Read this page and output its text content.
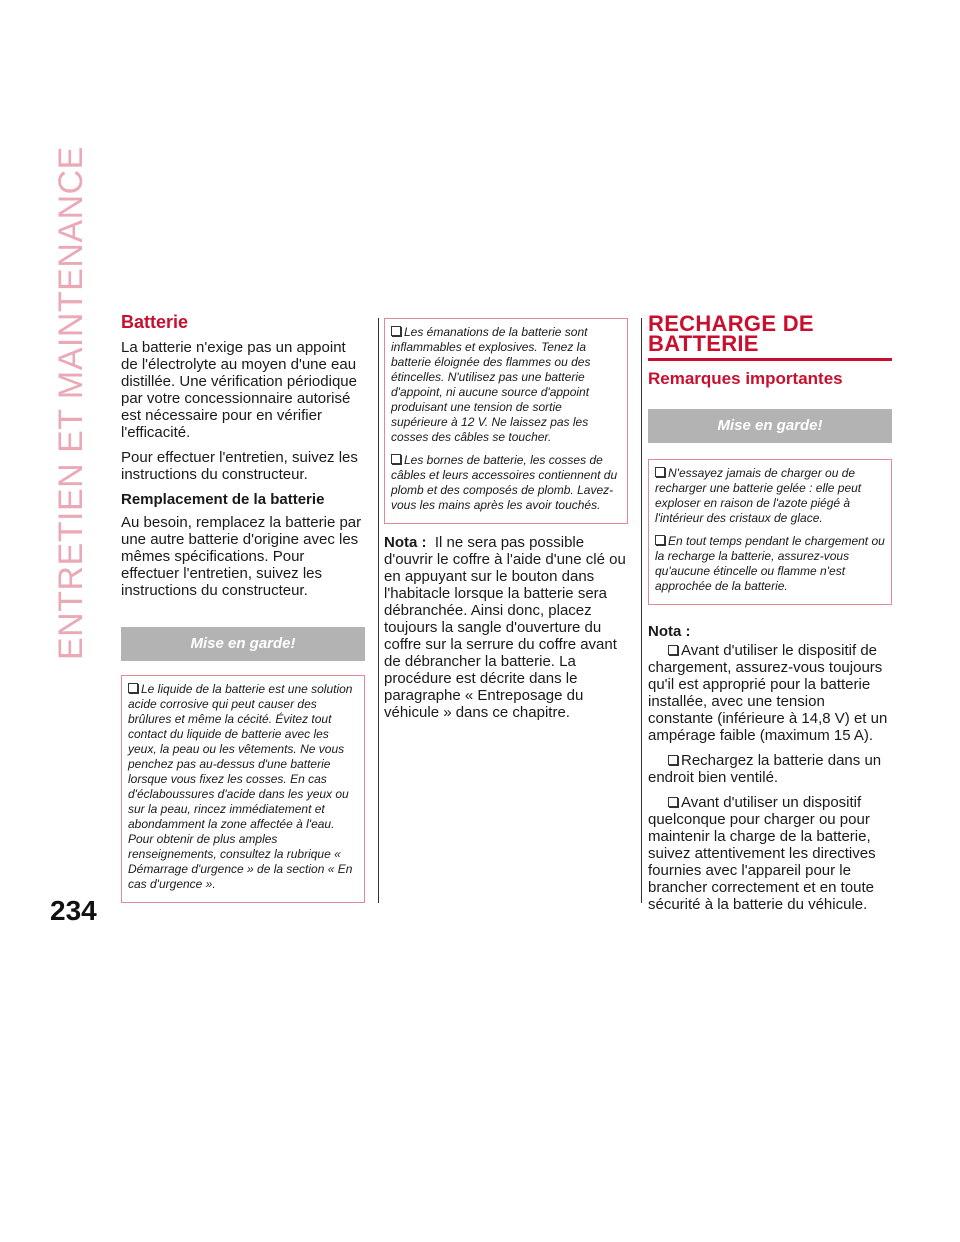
ENTRETIEN ET MAINTENANCE
234
Batterie

La batterie n'exige pas un appoint de l'électrolyte au moyen d'une eau distillée. Une vérification périodique par votre concessionnaire autorisé est nécessaire pour en vérifier l'efficacité.

Pour effectuer l'entretien, suivez les instructions du constructeur.

Remplacement de la batterie

Au besoin, remplacez la batterie par une autre batterie d'origine avec les mêmes spécifications. Pour effectuer l'entretien, suivez les instructions du constructeur.

Mise en garde!

Le liquide de la batterie est une solution acide corrosive qui peut causer des brûlures et même la cécité. Évitez tout contact du liquide de batterie avec les yeux, la peau ou les vêtements. Ne vous penchez pas au-dessus d'une batterie lorsque vous fixez les cosses. En cas d'éclaboussures d'acide dans les yeux ou sur la peau, rincez immédiatement et abondamment la zone affectée à l'eau. Pour obtenir de plus amples renseignements, consultez la rubrique « Démarrage d'urgence » de la section « En cas d'urgence ».

Les émanations de la batterie sont inflammables et explosives. Tenez la batterie éloignée des flammes ou des étincelles. N'utilisez pas une batterie d'appoint, ni aucune source d'appoint produisant une tension de sortie supérieure à 12 V. Ne laissez pas les cosses des câbles se toucher.

Les bornes de batterie, les cosses de câbles et leurs accessoires contiennent du plomb et des composés de plomb. Lavez-vous les mains après les avoir touchés.

Nota : Il ne sera pas possible d'ouvrir le coffre à l'aide d'une clé ou en appuyant sur le bouton dans l'habitacle lorsque la batterie sera débranchée. Ainsi donc, placez toujours la sangle d'ouverture du coffre sur la serrure du coffre avant de débrancher la batterie. La procédure est décrite dans le paragraphe « Entreposage du véhicule » dans ce chapitre.

RECHARGE DE
BATTERIE
Remarques importantes
Mise en garde!

N'essayez jamais de charger ou de recharger une batterie gelée : elle peut exploser en raison de l'azote piégé à l'intérieur des cristaux de glace.

En tout temps pendant le chargement ou la recharge la batterie, assurez-vous qu'aucune étincelle ou flamme n'est approchée de la batterie.

Nota :

Avant d'utiliser le dispositif de chargement, assurez-vous toujours qu'il est approprié pour la batterie installée, avec une tension constante (inférieure à 14,8 V) et un ampérage faible (maximum 15 A).

Rechargez la batterie dans un endroit bien ventilé.

Avant d'utiliser un dispositif quelconque pour charger ou pour maintenir la charge de la batterie, suivez attentivement les directives fournies avec l'appareil pour le brancher correctement et en toute sécurité à la batterie du véhicule.
